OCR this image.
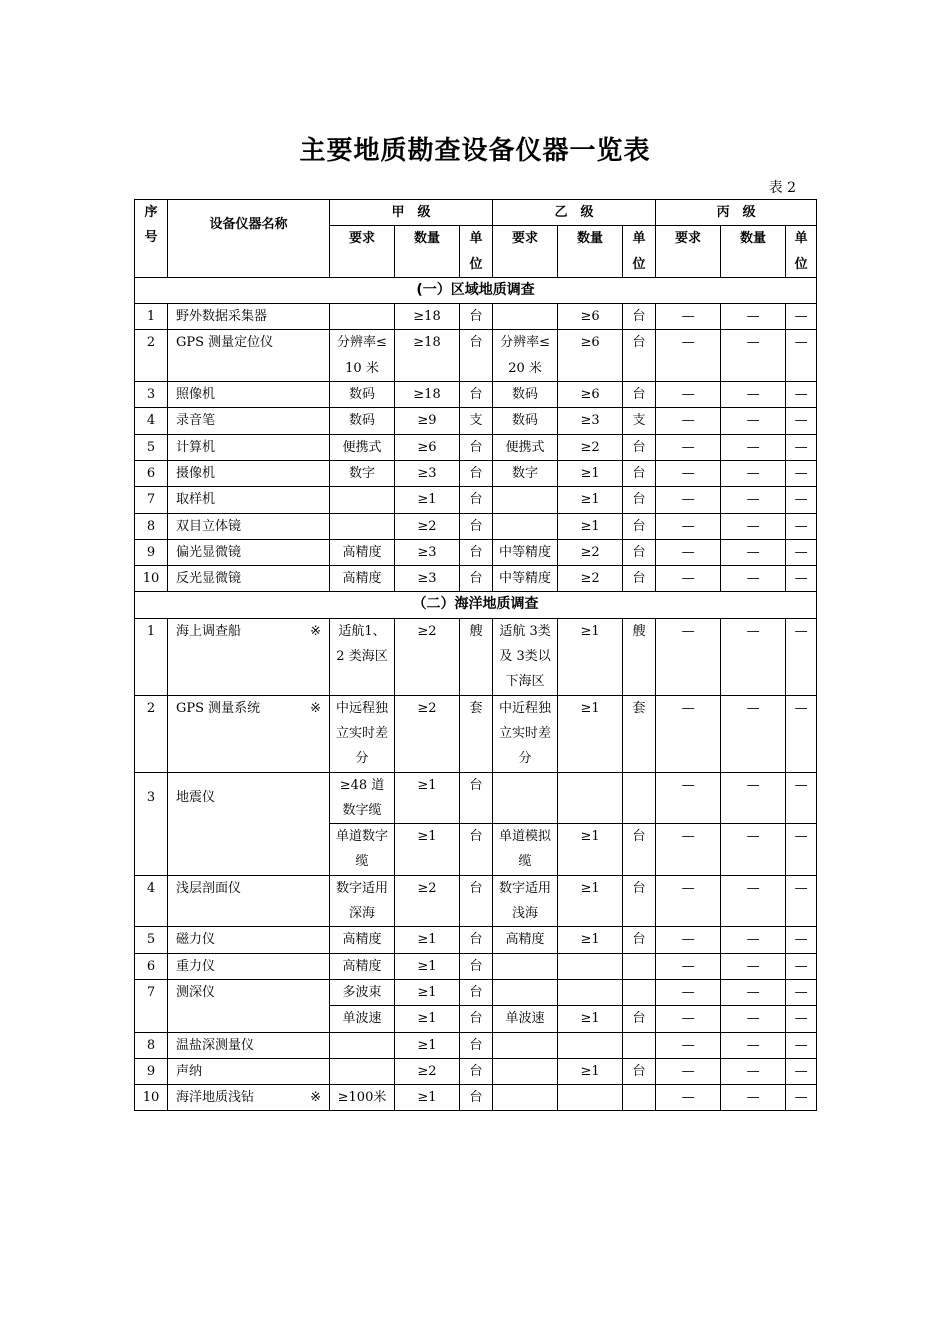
主要地质勘查设备仪器一览表
表 2
序号	设备仪器名称	甲　级			乙　级			丙　级		
		要求	数量	单位	要求	数量	单位	要求	数量	单位
(一）区域地质调查										
1	野外数据采集器		≥18	台		≥6	台	—	—	—
2	GPS 测量定位仪	分辨率≤10 米	≥18	台	分辨率≤20 米	≥6	台	—	—	—
3	照像机	数码	≥18	台	数码	≥6	台	—	—	—
4	录音笔	数码	≥9	支	数码	≥3	支	—	—	—
5	计算机	便携式	≥6	台	便携式	≥2	台	—	—	—
6	摄像机	数字	≥3	台	数字	≥1	台	—	—	—
7	取样机		≥1	台		≥1	台	—	—	—
8	双目立体镜		≥2	台		≥1	台	—	—	—
9	偏光显微镜	高精度	≥3	台	中等精度	≥2	台	—	—	—
10	反光显微镜	高精度	≥3	台	中等精度	≥2	台	—	—	—
（二）海洋地质调查										
1	海上调查船 ※	适航1、2 类海区	≥2	艘	适航 3类及 3类以下海区	≥1	艘	—	—	—
2	GPS 测量系统 ※	中远程独立实时差分	≥2	套	中近程独立实时差分	≥1	套	—	—	—
3	地震仪	≥48 道数字缆	≥1	台				—	—	—
		单道数字缆	≥1	台	单道模拟缆	≥1	台	—	—	—
4	浅层剖面仪	数字适用深海	≥2	台	数字适用浅海	≥1	台	—	—	—
5	磁力仪	高精度	≥1	台	高精度	≥1	台	—	—	—
6	重力仪	高精度	≥1	台				—	—	—
7	测深仪	多波束	≥1	台				—	—	—
		单波速	≥1	台	单波速	≥1	台	—	—	—
8	温盐深测量仪		≥1	台				—	—	—
9	声纳		≥2	台		≥1	台	—	—	—
10	海洋地质浅钻 ※	≥100米	≥1	台				—	—	—
